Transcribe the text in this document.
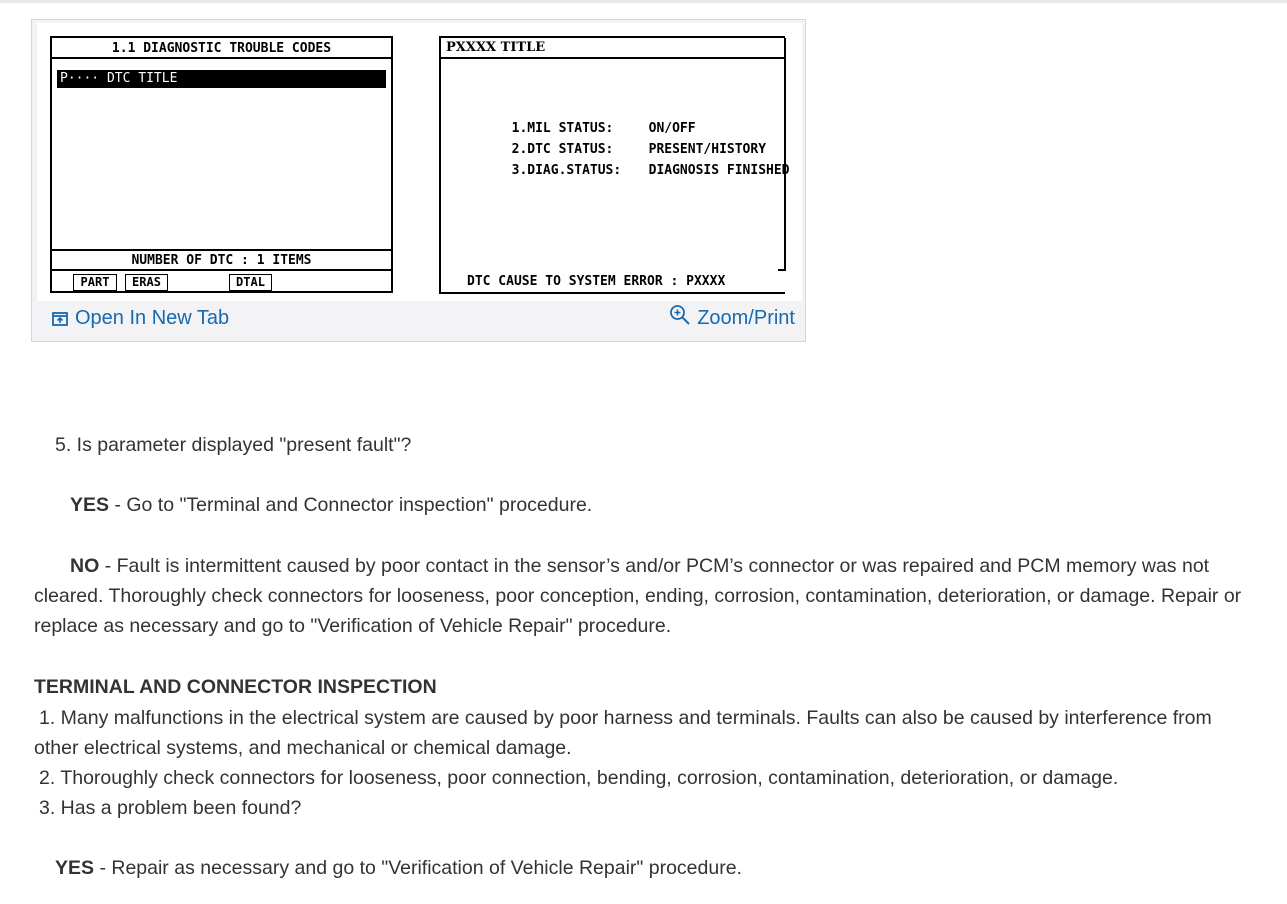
1.1 DIAGNOSTIC TROUBLE CODES
P···· DTC TITLE
NUMBER OF DTC : 1 ITEMS
PART	ERAS	DTAL
PXXXX TITLE

1.MIL STATUS:	ON/OFF

2.DTC STATUS:	PRESENT/HISTORY

3.DIAG.STATUS: DIAGNOSIS FINISHED

DTC CAUSE TO SYSTEM ERROR : PXXXX
Open In New Tab	Zoom/Print
5. Is parameter displayed "present fault"?
YES - Go to "Terminal and Connector inspection" procedure.
NO - Fault is intermittent caused by poor contact in the sensor’s and/or PCM’s connector or was repaired and PCM memory was not cleared. Thoroughly check connectors for looseness, poor conception, ending, corrosion, contamination, deterioration, or damage. Repair or replace as necessary and go to "Verification of Vehicle Repair" procedure.
TERMINAL AND CONNECTOR INSPECTION
1. Many malfunctions in the electrical system are caused by poor harness and terminals. Faults can also be caused by interference from other electrical systems, and mechanical or chemical damage.
2. Thoroughly check connectors for looseness, poor connection, bending, corrosion, contamination, deterioration, or damage.
3. Has a problem been found?
YES - Repair as necessary and go to "Verification of Vehicle Repair" procedure.
